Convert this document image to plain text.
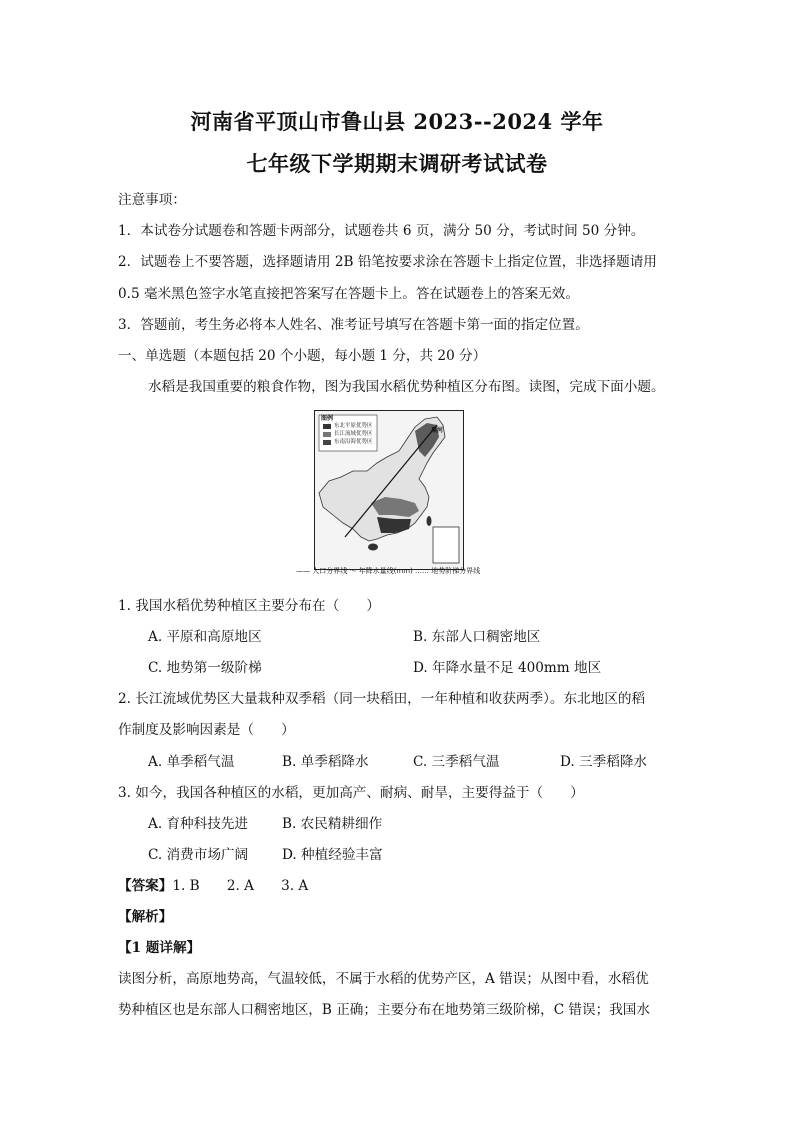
河南省平顶山市鲁山县 2023--2024 学年
七年级下学期期末调研考试试卷
注意事项：
1．本试卷分试题卷和答题卡两部分，试题卷共 6 页，满分 50 分，考试时间 50 分钟。
2．试题卷上不要答题，选择题请用 2B 铅笔按要求涂在答题卡上指定位置，非选择题请用
0.5 毫米黑色签字水笔直接把答案写在答题卡上。答在试题卷上的答案无效。
3．答题前，考生务必将本人姓名、准考证号填写在答题卡第一面的指定位置。
一、单选题（本题包括 20 个小题，每小题 1 分，共 20 分）
水稻是我国重要的粮食作物，图为我国水稻优势种植区分布图。读图，完成下面小题。
图例
东北平原优势区
长江流域优势区
东南沿海优势区
黑河
—— 人口分界线 ～ 年降水量线(mm) …… 地势阶梯分界线
1. 我国水稻优势种植区主要分布在（　　）
A. 平原和高原地区	B. 东部人口稠密地区
C. 地势第一级阶梯	D. 年降水量不足 400mm 地区
2. 长江流域优势区大量栽种双季稻（同一块稻田，一年种植和收获两季）。东北地区的稻
作制度及影响因素是（　　）
A. 单季稻气温	B. 单季稻降水	C. 三季稻气温	D. 三季稻降水
3. 如今，我国各种植区的水稻，更加高产、耐病、耐旱，主要得益于（　　）
A. 育种科技先进 B. 农民精耕细作
C. 消费市场广阔 D. 种植经验丰富
【答案】1. B　　2. A　　3. A
【解析】
【1 题详解】
读图分析，高原地势高，气温较低，不属于水稻的优势产区，A 错误；从图中看，水稻优
势种植区也是东部人口稠密地区，B 正确；主要分布在地势第三级阶梯，C 错误；我国水
